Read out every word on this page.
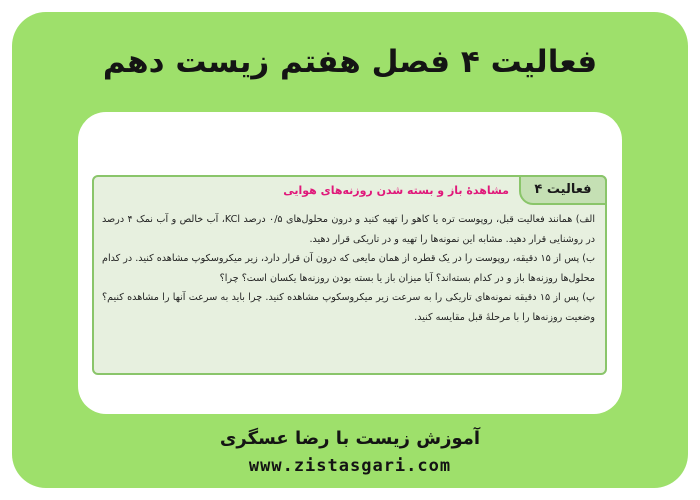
فعالیت ۴ فصل هفتم زیست دهم
فعالیت ۴
مشاهدهٔ باز و بسته شدن روزنه‌های هوایی

الف) همانند فعالیت قبل، روپوست تره یا کاهو را تهیه کنید و درون محلول‌های ۰/۵ درصد KCl، آب خالص و آب نمک ۴ درصد در روشنایی قرار دهید. مشابه این نمونه‌ها را تهیه و در تاریکی قرار دهید.

ب) پس از ۱۵ دقیقه، روپوست را در یک قطره از همان مایعی که درون آن قرار دارد، زیر میکروسکوپ مشاهده کنید. در کدام محلول‌ها روزنه‌ها باز و در کدام بسته‌اند؟ آیا میزان باز یا بسته بودن روزنه‌ها یکسان است؟ چرا؟

پ) پس از ۱۵ دقیقه نمونه‌های تاریکی را به سرعت زیر میکروسکوپ مشاهده کنید. چرا باید به سرعت آنها را مشاهده کنیم؟ وضعیت روزنه‌ها را با مرحلهٔ قبل مقایسه کنید.

آموزش زیست با رضا عسگری
www.zistasgari.com
